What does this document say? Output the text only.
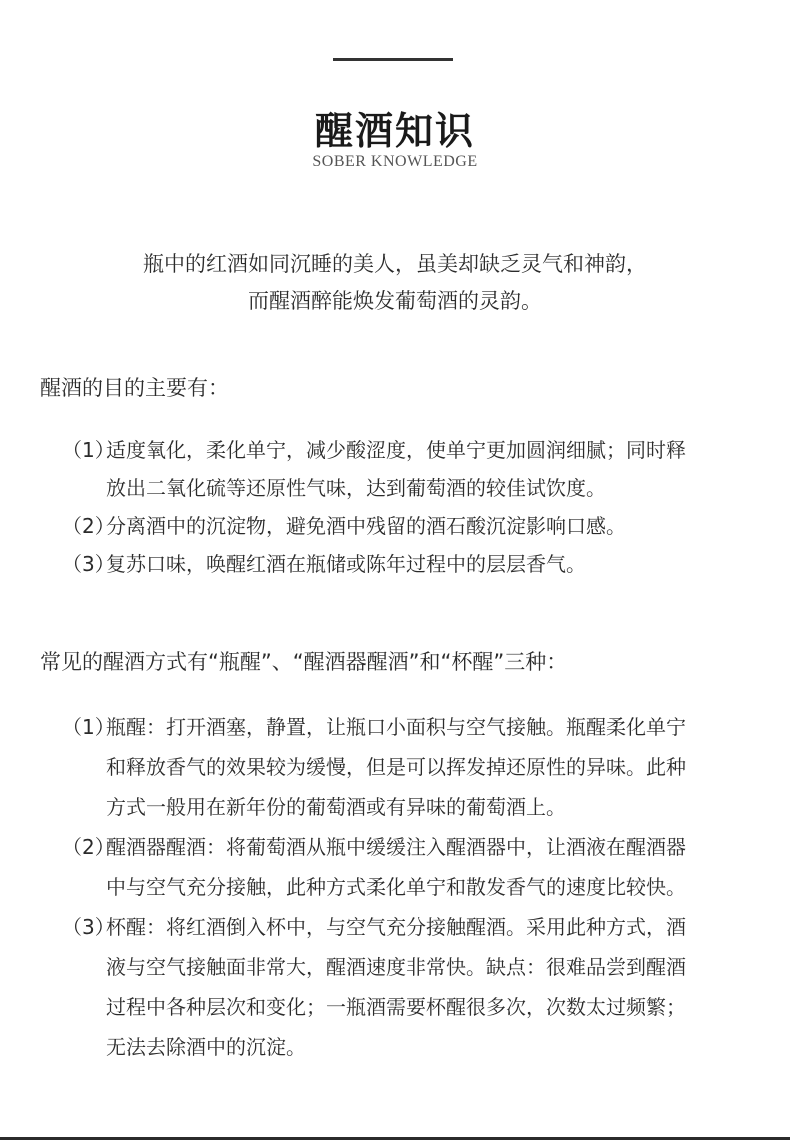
醒酒知识
SOBER KNOWLEDGE
瓶中的红酒如同沉睡的美人，虽美却缺乏灵气和神韵，
而醒酒醉能焕发葡萄酒的灵韵。
醒酒的目的主要有：
（1）
适度氧化，柔化单宁，减少酸涩度，使单宁更加圆润细腻；同时释
放出二氧化硫等还原性气味，达到葡萄酒的较佳试饮度。
（2）
分离酒中的沉淀物，避免酒中残留的酒石酸沉淀影响口感。
（3）
复苏口味，唤醒红酒在瓶储或陈年过程中的层层香气。
常见的醒酒方式有“瓶醒”、“醒酒器醒酒”和“杯醒”三种：
（1）
瓶醒：打开酒塞，静置，让瓶口小面积与空气接触。瓶醒柔化单宁
和释放香气的效果较为缓慢，但是可以挥发掉还原性的异味。此种
方式一般用在新年份的葡萄酒或有异味的葡萄酒上。
（2）
醒酒器醒酒：将葡萄酒从瓶中缓缓注入醒酒器中，让酒液在醒酒器
中与空气充分接触，此种方式柔化单宁和散发香气的速度比较快。
（3）
杯醒：将红酒倒入杯中，与空气充分接触醒酒。采用此种方式，酒
液与空气接触面非常大，醒酒速度非常快。缺点：很难品尝到醒酒
过程中各种层次和变化；一瓶酒需要杯醒很多次，次数太过频繁；
无法去除酒中的沉淀。
